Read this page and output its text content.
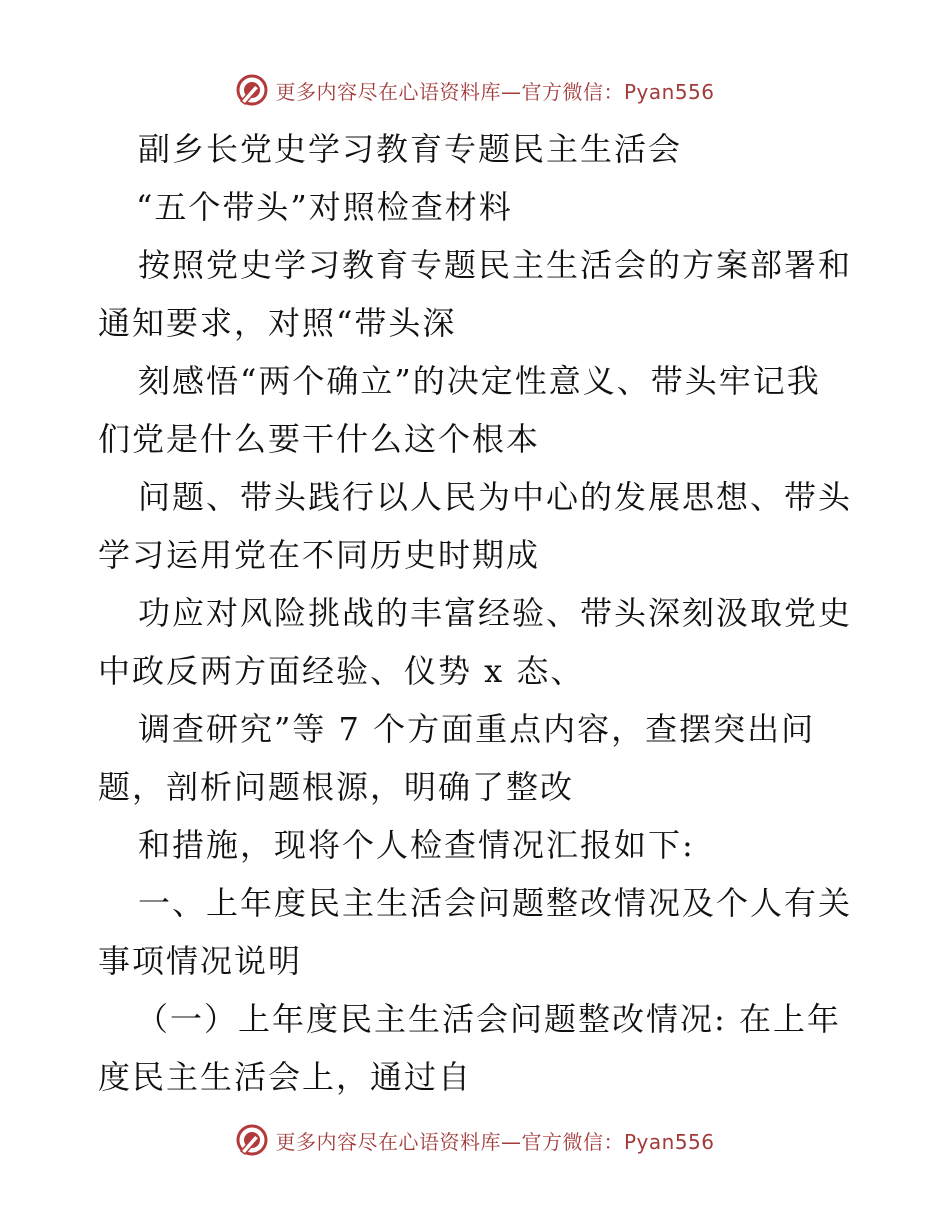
更多内容尽在心语资料库—官方微信：Pyan556
副乡长党史学习教育专题民主生活会
“五个带头”对照检查材料
按照党史学习教育专题民主生活会的方案部署和
通知要求，对照“带头深
刻感悟“两个确立”的决定性意义、带头牢记我
们党是什么要干什么这个根本
问题、带头践行以人民为中心的发展思想、带头
学习运用党在不同历史时期成
功应对风险挑战的丰富经验、带头深刻汲取党史
中政反两方面经验、仪势 x 态、
调查研究”等 7 个方面重点内容，查摆突出问
题，剖析问题根源，明确了整改
和措施，现将个人检查情况汇报如下:
一、上年度民主生活会问题整改情况及个人有关
事项情况说明
（一）上年度民主生活会问题整改情况: 在上年
度民主生活会上，通过自
更多内容尽在心语资料库—官方微信：Pyan556
